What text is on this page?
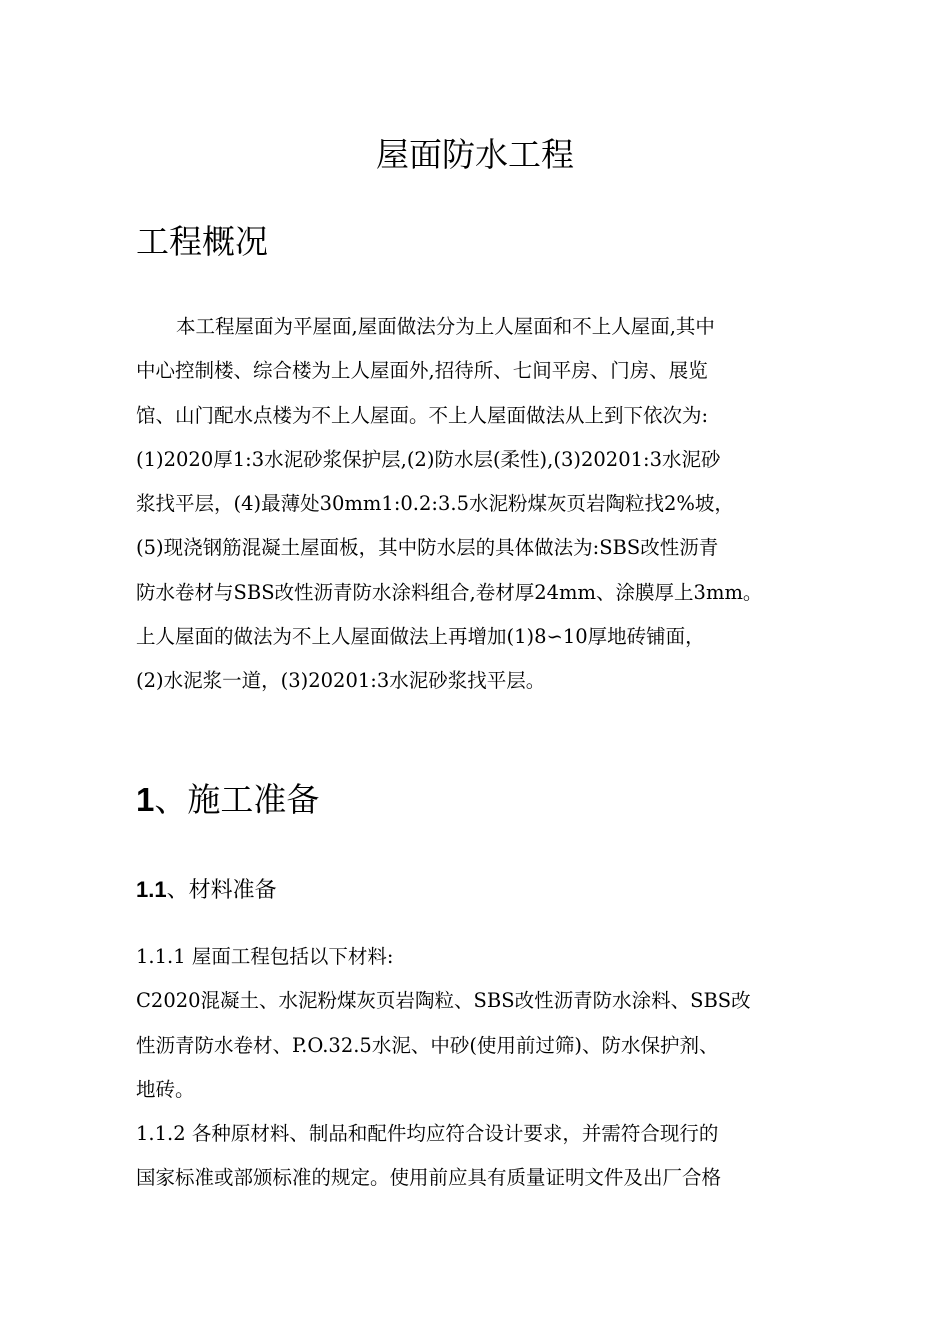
屋面防水工程
工程概况
本工程屋面为平屋面,屋面做法分为上人屋面和不上人屋面,其中
中心控制楼、综合楼为上人屋面外,招待所、七间平房、门房、展览
馆、山门配水点楼为不上人屋面。不上人屋面做法从上到下依次为:
(1)2020厚1:3水泥砂浆保护层,(2)防水层(柔性),(3)20201:3水泥砂
浆找平层，(4)最薄处30mm1:0.2:3.5水泥粉煤灰页岩陶粒找2%坡，
(5)现浇钢筋混凝土屋面板，其中防水层的具体做法为:SBS改性沥青
防水卷材与SBS改性沥青防水涂料组合,卷材厚24mm、涂膜厚上3mm。
上人屋面的做法为不上人屋面做法上再增加(1)8∽10厚地砖铺面，
(2)水泥浆一道，(3)20201:3水泥砂浆找平层。
1、施工准备
1.1、材料准备
1.1.1 屋面工程包括以下材料:
C2020混凝土、水泥粉煤灰页岩陶粒、SBS改性沥青防水涂料、SBS改
性沥青防水卷材、P.O.32.5水泥、中砂(使用前过筛)、防水保护剂、
地砖。
1.1.2 各种原材料、制品和配件均应符合设计要求，并需符合现行的
国家标准或部颁标准的规定。使用前应具有质量证明文件及出厂合格
